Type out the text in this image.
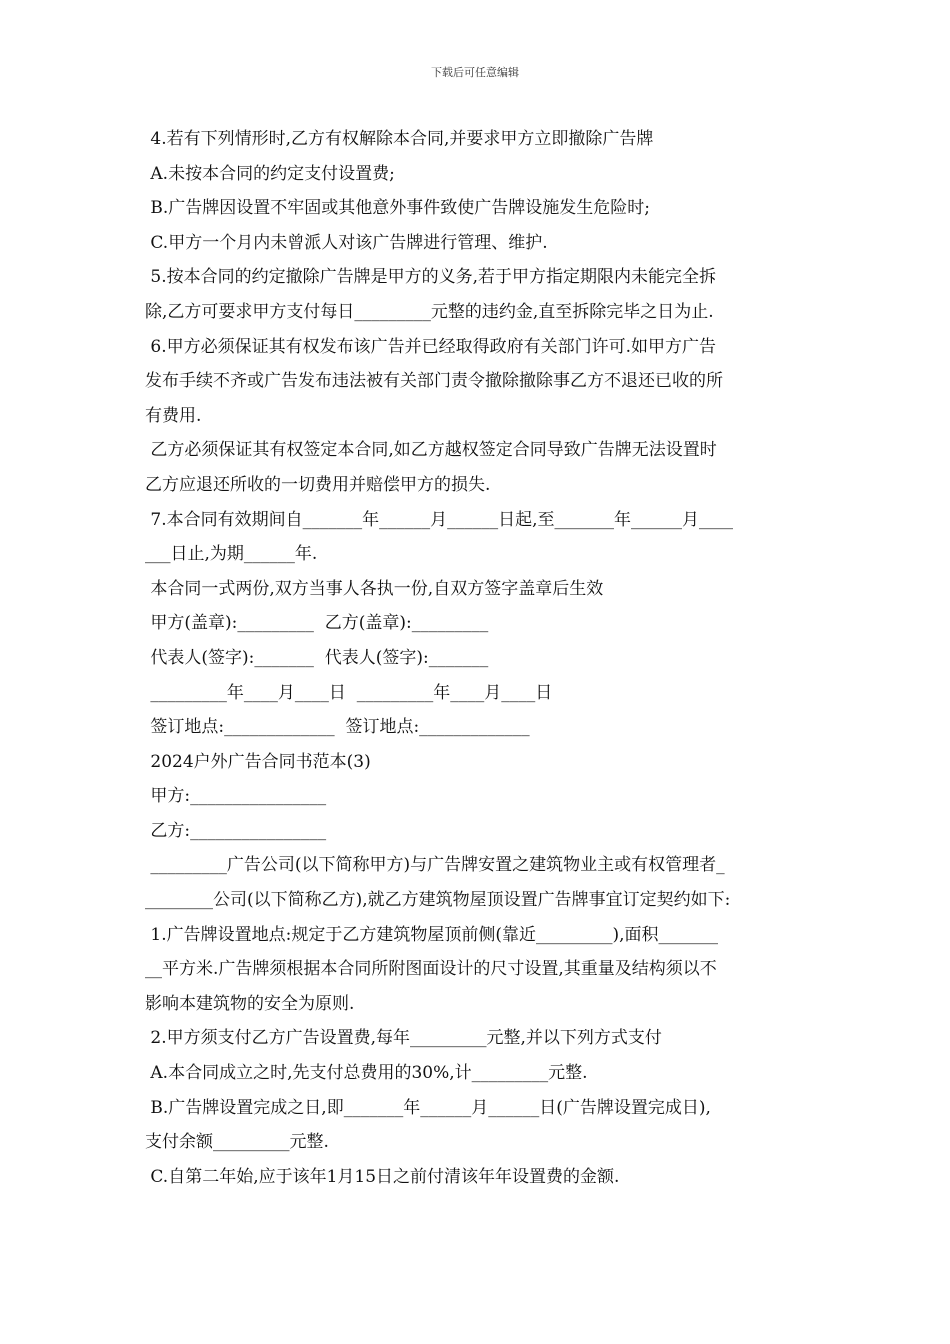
下载后可任意编辑
4.若有下列情形时,乙方有权解除本合同,并要求甲方立即撤除广告牌
A.未按本合同的约定支付设置费;
B.广告牌因设置不牢固或其他意外事件致使广告牌设施发生危险时;
C.甲方一个月内未曾派人对该广告牌进行管理、维护.
5.按本合同的约定撤除广告牌是甲方的义务,若于甲方指定期限内未能完全拆
除,乙方可要求甲方支付每日_________元整的违约金,直至拆除完毕之日为止.
6.甲方必须保证其有权发布该广告并已经取得政府有关部门许可.如甲方广告
发布手续不齐或广告发布违法被有关部门责令撤除撤除事乙方不退还已收的所
有费用.
乙方必须保证其有权签定本合同,如乙方越权签定合同导致广告牌无法设置时
乙方应退还所收的一切费用并赔偿甲方的损失.
7.本合同有效期间自_______年______月______日起,至_______年______月____
___日止,为期______年.
本合同一式两份,双方当事人各执一份,自双方签字盖章后生效
甲方(盖章):_________  乙方(盖章):_________
代表人(签字):_______  代表人(签字):_______
_________年____月____日  _________年____月____日
签订地点:_____________  签订地点:_____________
2024户外广告合同书范本(3)
甲方:________________
乙方:________________
_________广告公司(以下简称甲方)与广告牌安置之建筑物业主或有权管理者_
________公司(以下简称乙方),就乙方建筑物屋顶设置广告牌事宜订定契约如下:
1.广告牌设置地点:规定于乙方建筑物屋顶前侧(靠近_________),面积_______
__平方米.广告牌须根据本合同所附图面设计的尺寸设置,其重量及结构须以不
影响本建筑物的安全为原则.
2.甲方须支付乙方广告设置费,每年_________元整,并以下列方式支付
A.本合同成立之时,先支付总费用的30%,计_________元整.
B.广告牌设置完成之日,即_______年______月______日(广告牌设置完成日),
支付余额_________元整.
C.自第二年始,应于该年1月15日之前付清该年年设置费的金额.
